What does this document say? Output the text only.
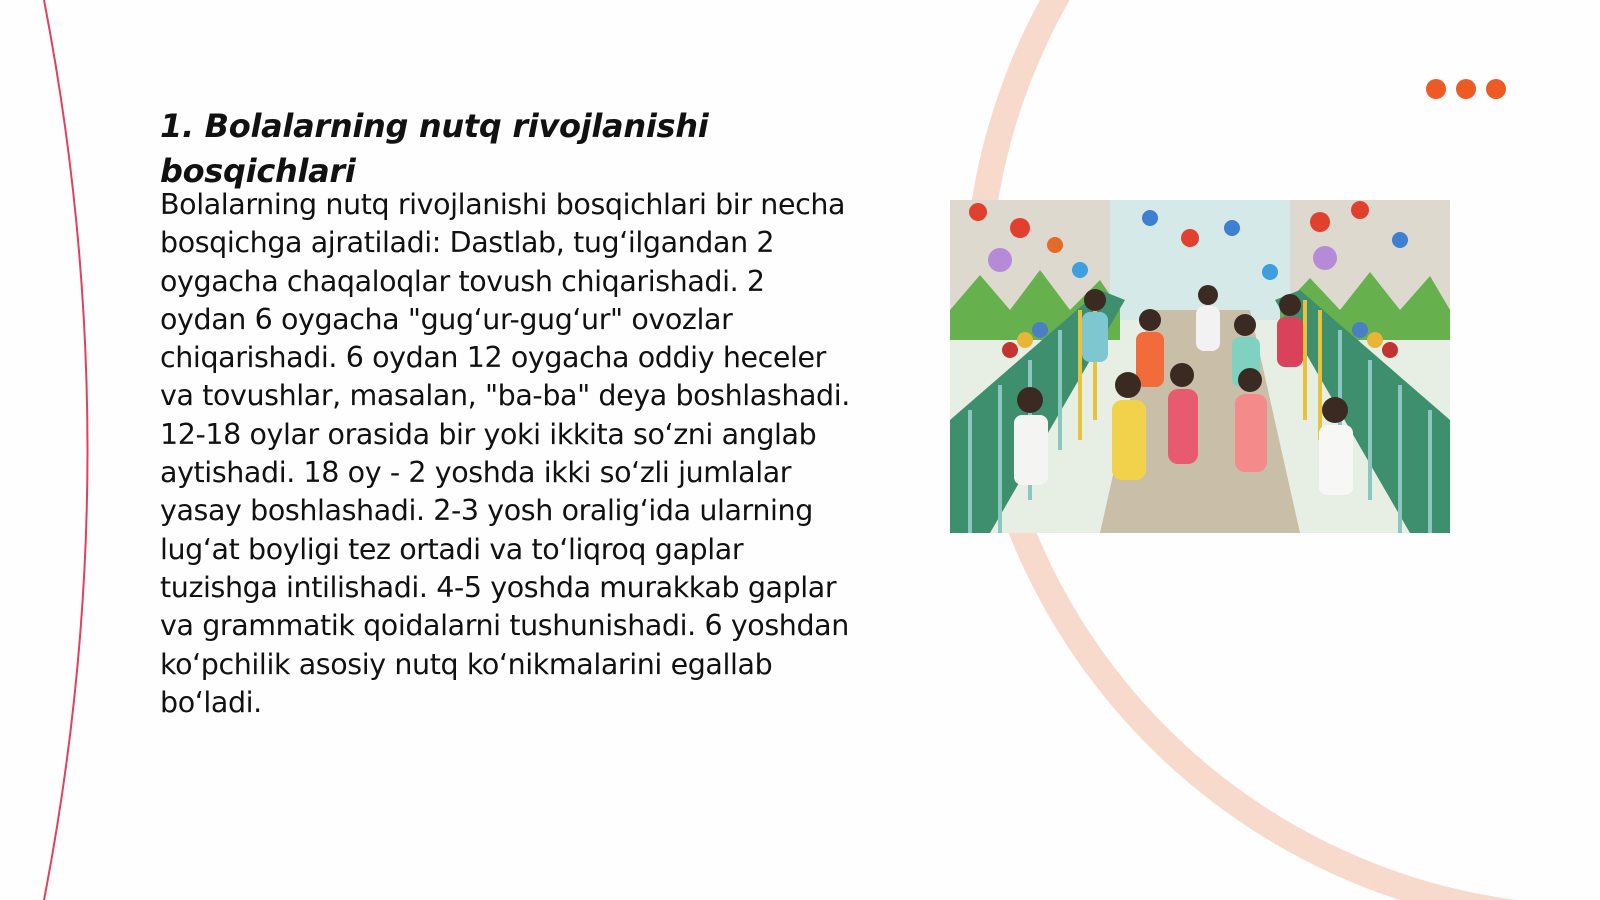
1. Bolalarning nutq rivojlanishi bosqichlari

Bolalarning nutq rivojlanishi bosqichlari bir necha bosqichga ajratiladi: Dastlab, tug‘ilgandan 2 oygacha chaqaloqlar tovush chiqarishadi. 2 oydan 6 oygacha "gug‘ur-gug‘ur" ovozlar chiqarishadi. 6 oydan 12 oygacha oddiy heceler va tovushlar, masalan, "ba-ba" deya boshlashadi. 12-18 oylar orasida bir yoki ikkita so‘zni anglab aytishadi. 18 oy - 2 yoshda ikki so‘zli jumlalar yasay boshlashadi. 2-3 yosh oralig‘ida ularning lug‘at boyligi tez ortadi va to‘liqroq gaplar tuzishga intilishadi. 4-5 yoshda murakkab gaplar va grammatik qoidalarni tushunishadi. 6 yoshdan ko‘pchilik asosiy nutq ko‘nikmalarini egallab bo‘ladi.
